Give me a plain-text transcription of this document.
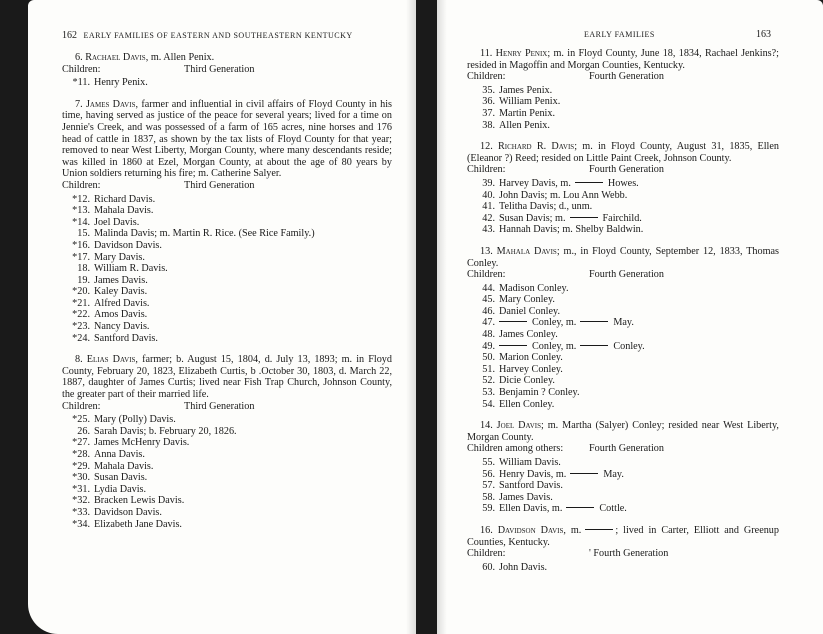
162 EARLY FAMILIES OF EASTERN AND SOUTHEASTERN KENTUCKY

6. Rachael Davis, m. Allen Penix.

Children:	Third Generation
*11. Henry Penix.

7. James Davis, farmer and influential in civil affairs of Floyd County in his time, having served as justice of the peace for several years; lived for a time on Jennie's Creek, and was possessed of a farm of 165 acres, nine horses and 176 head of cattle in 1837, as shown by the tax lists of Floyd County for that year; removed to near West Liberty, Morgan County, where many descendants reside; was killed in 1860 at Ezel, Morgan County, at about the age of 80 years by Union soldiers returning his fire; m. Catherine Salyer.

Children:	Third Generation
*12. Richard Davis.
*13. Mahala Davis.
*14. Joel Davis.
15. Malinda Davis; m. Martin R. Rice. (See Rice Family.)
*16. Davidson Davis.
*17. Mary Davis.
18. William R. Davis.
19. James Davis.
*20. Kaley Davis.
*21. Alfred Davis.
*22. Amos Davis.
*23. Nancy Davis.
*24. Santford Davis.

8. Elias Davis, farmer; b. August 15, 1804, d. July 13, 1893; m. in Floyd County, February 20, 1823, Elizabeth Curtis, b .October 30, 1803, d. March 22, 1887, daughter of James Curtis; lived near Fish Trap Church, Johnson County, the greater part of their married life.

Children:	Third Generation
*25. Mary (Polly) Davis.
26. Sarah Davis; b. February 20, 1826.
*27. James McHenry Davis.
*28. Anna Davis.
*29. Mahala Davis.
*30. Susan Davis.
*31. Lydia Davis.
*32. Bracken Lewis Davis.
*33. Davidson Davis.
*34. Elizabeth Jane Davis.
EARLY FAMILIES	163

11. Henry Penix; m. in Floyd County, June 18, 1834, Rachael Jenkins?; resided in Magoffin and Morgan Counties, Kentucky.

Children:	Fourth Generation
35. James Penix.
36. William Penix.
37. Martin Penix.
38. Allen Penix.

12. Richard R. Davis; m. in Floyd County, August 31, 1835, Ellen (Eleanor ?) Reed; resided on Little Paint Creek, Johnson County.

Children:	Fourth Generation
39. Harvey Davis, m.	Howes.
40. John Davis; m. Lou Ann Webb.
41. Telitha Davis; d., unm.
42. Susan Davis; m.	Fairchild.
43. Hannah Davis; m. Shelby Baldwin.

13. Mahala Davis; m., in Floyd County, September 12, 1833, Thomas Conley.

Children:	Fourth Generation
44. Madison Conley.
45. Mary Conley.
46. Daniel Conley.
47.	Conley, m.	May.
48. James Conley.
49.	Conley, m.	Conley.
50. Marion Conley.
51. Harvey Conley.
52. Dicie Conley.
53. Benjamin ? Conley.
54. Ellen Conley.

14. Joel Davis; m. Martha (Salyer) Conley; resided near West Liberty, Morgan County.

Children among others:	Fourth Generation
55. William Davis.
56. Henry Davis, m.	May.
57. Santford Davis.
58. James Davis.
59. Ellen Davis, m.	Cottle.

16. Davidson Davis, m.	; lived in Carter, Elliott and Greenup Counties, Kentucky.

Children:	' Fourth Generation
60. John Davis.
